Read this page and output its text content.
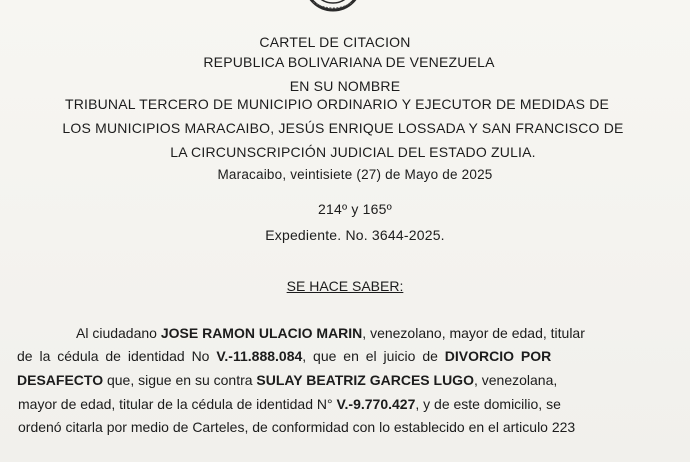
CARTEL DE CITACION
REPUBLICA BOLIVARIANA DE VENEZUELA
EN SU NOMBRE
TRIBUNAL TERCERO DE MUNICIPIO ORDINARIO Y EJECUTOR DE MEDIDAS DE
LOS MUNICIPIOS MARACAIBO, JESÚS ENRIQUE LOSSADA Y SAN FRANCISCO DE
LA CIRCUNSCRIPCIÓN JUDICIAL DEL ESTADO ZULIA.
Maracaibo, veintisiete (27) de Mayo de 2025
214º y 165º
Expediente. No. 3644-2025.
SE HACE SABER:
Al ciudadano JOSE RAMON ULACIO MARIN, venezolano, mayor de edad, titular
de la cédula de identidad No V.-11.888.084, que en el juicio de DIVORCIO POR
DESAFECTO que, sigue en su contra SULAY BEATRIZ GARCES LUGO, venezolana,
mayor de edad, titular de la cédula de identidad N° V.-9.770.427, y de este domicilio, se
ordenó citarla por medio de Carteles, de conformidad con lo establecido en el articulo 223
